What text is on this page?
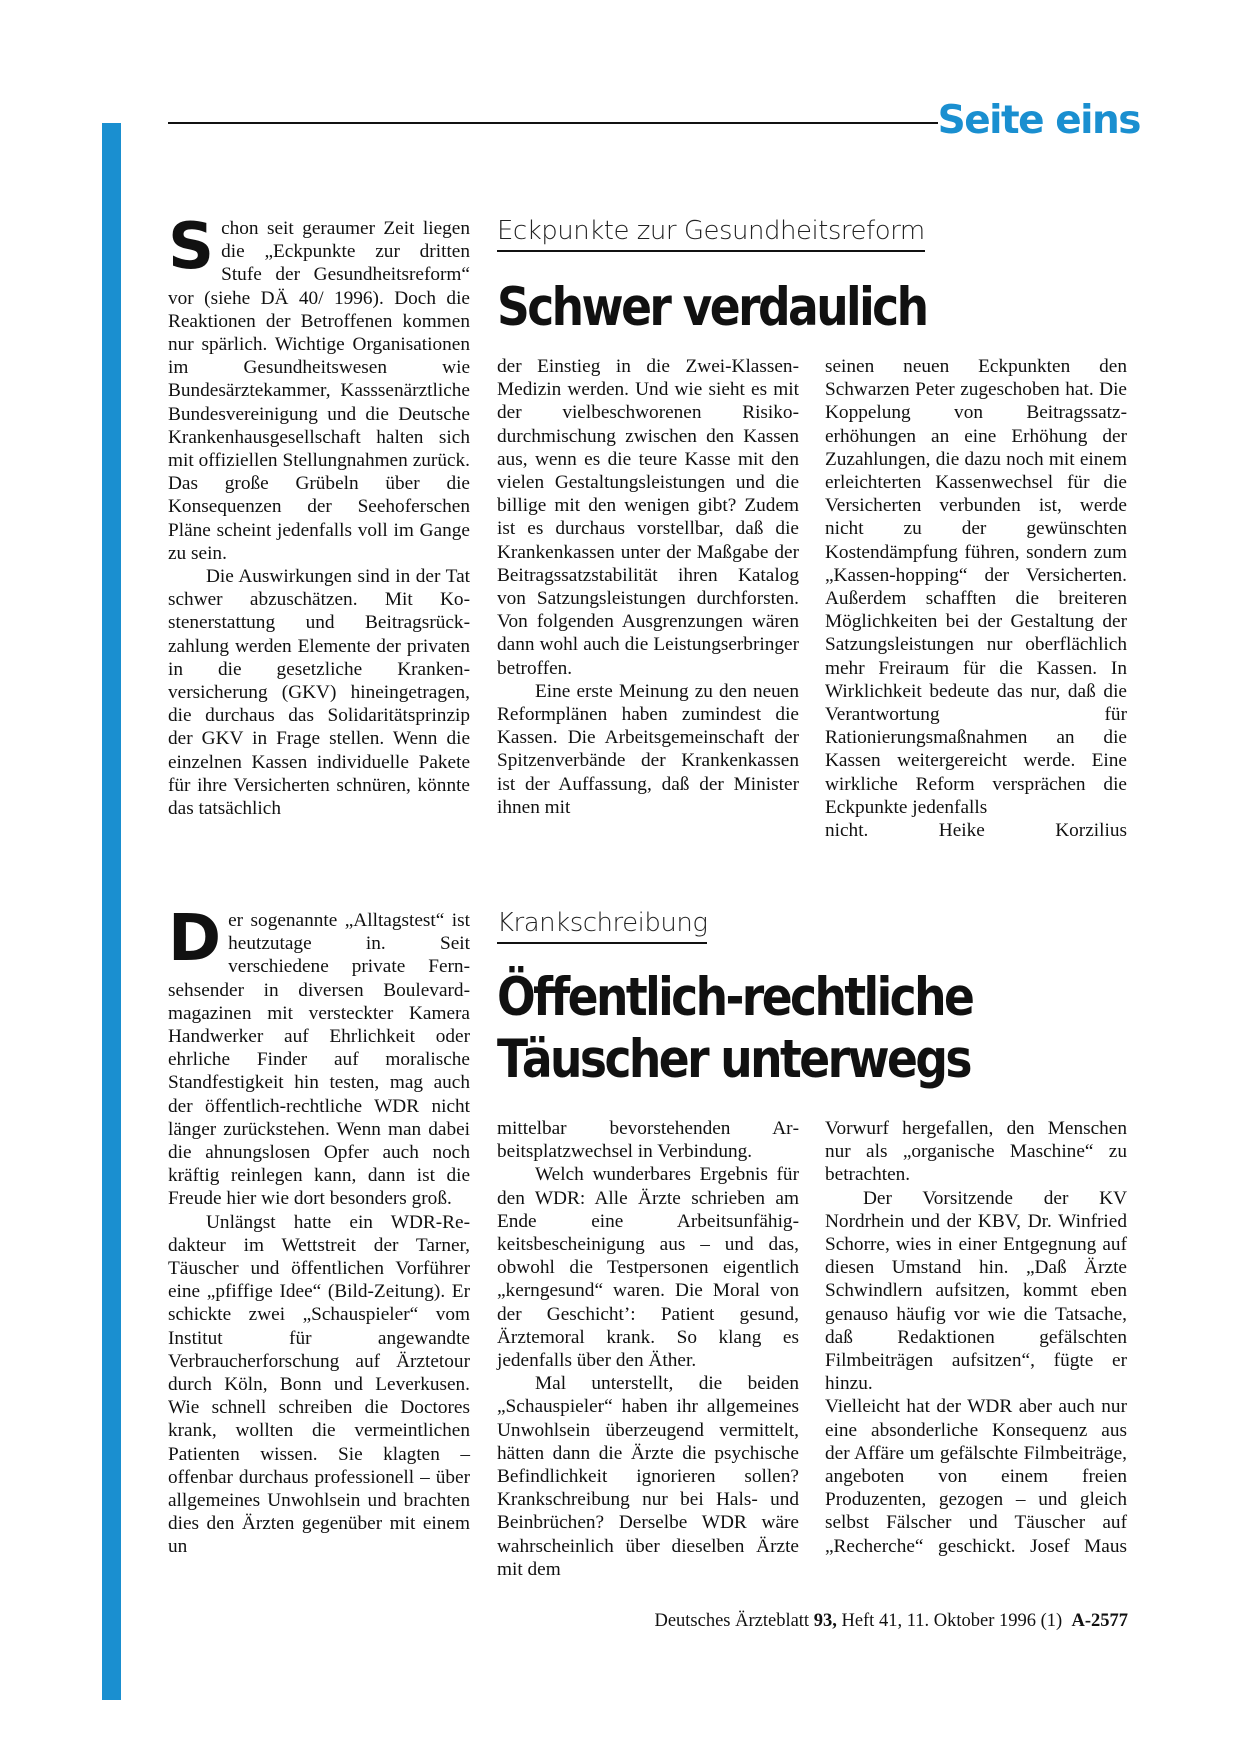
Seite eins
S chon seit geraumer Zeit liegen die „Eckpunkte zur dritten Stufe der Gesundheitsreform“ vor (siehe DÄ 40/ 1996). Doch die Reaktionen der Betroffenen kommen nur spärlich. Wichtige Organisationen im Gesundheitswesen wie Bundesärztekammer, Kasssenärztliche Bundesvereinigung und die Deutsche Krankenhausgesellschaft halten sich mit offiziellen Stellungnahmen zurück. Das große Grübeln über die Konsequenzen der Seehoferschen Pläne scheint jedenfalls voll im Gange zu sein.

Die Auswirkungen sind in der Tat schwer abzuschätzen. Mit Kostenerstattung und Beitragsrückzahlung werden Elemente der privaten in die gesetzliche Krankenversicherung (GKV) hineingetragen, die durchaus das Solidaritätsprinzip der GKV in Frage stellen. Wenn die einzelnen Kassen individuelle Pakete für ihre Versicherten schnüren, könnte das tatsächlich

Eckpunkte zur Gesundheitsreform
Schwer verdaulich

der Einstieg in die Zwei-Klassen-Medizin werden. Und wie sieht es mit der vielbeschworenen Risikodurchmischung zwischen den Kassen aus, wenn es die teure Kasse mit den vielen Gestaltungsleistungen und die billige mit den wenigen gibt? Zudem ist es durchaus vorstellbar, daß die Krankenkassen unter der Maßgabe der Beitragssatzstabilität ihren Katalog von Satzungsleistungen durchforsten. Von folgenden Ausgrenzungen wären dann wohl auch die Leistungserbringer betroffen.

Eine erste Meinung zu den neuen Reformplänen haben zumindest die Kassen. Die Arbeitsgemeinschaft der Spitzenverbände der Krankenkassen ist der Auffassung, daß der Minister ihnen mit

seinen neuen Eckpunkten den Schwarzen Peter zugeschoben hat. Die Koppelung von Beitragssatzerhöhungen an eine Erhöhung der Zuzahlungen, die dazu noch mit einem erleichterten Kassenwechsel für die Versicherten verbunden ist, werde nicht zu der gewünschten Kostendämpfung führen, sondern zum „Kassen-hopping“ der Versicherten. Außerdem schafften die breiteren Möglichkeiten bei der Gestaltung der Satzungsleistungen nur oberflächlich mehr Freiraum für die Kassen. In Wirklichkeit bedeute das nur, daß die Verantwortung für Rationierungsmaßnahmen an die Kassen weitergereicht werde. Eine wirkliche Reform versprächen die Eckpunkte jedenfalls

nicht.	Heike Korzilius

D er sogenannte „Alltagstest“ ist heutzutage in. Seit verschiedene private Fernsehsender in diversen Boulevardmagazinen mit versteckter Kamera Handwerker auf Ehrlichkeit oder ehrliche Finder auf moralische Standfestigkeit hin testen, mag auch der öffentlich-rechtliche WDR nicht länger zurückstehen. Wenn man dabei die ahnungslosen Opfer auch noch kräftig reinlegen kann, dann ist die Freude hier wie dort besonders groß.

Unlängst hatte ein WDR-Redakteur im Wettstreit der Tarner, Täuscher und öffentlichen Vorführer eine „pfiffige Idee“ (Bild-Zeitung). Er schickte zwei „Schauspieler“ vom Institut für angewandte Verbraucherforschung auf Ärztetour durch Köln, Bonn und Leverkusen. Wie schnell schreiben die Doctores krank, wollten die vermeintlichen Patienten wissen. Sie klagten – offenbar durchaus professionell – über allgemeines Unwohlsein und brachten dies den Ärzten gegenüber mit einem un

Krankschreibung
Öffentlich-rechtliche
Täuscher unterwegs

mittelbar bevorstehenden Arbeitsplatzwechsel in Verbindung.

Welch wunderbares Ergebnis für den WDR: Alle Ärzte schrieben am Ende eine Arbeitsunfähigkeitsbescheinigung aus – und das, obwohl die Testpersonen eigentlich „kerngesund“ waren. Die Moral von der Geschicht’: Patient gesund, Ärztemoral krank. So klang es jedenfalls über den Äther.

Mal unterstellt, die beiden „Schauspieler“ haben ihr allgemeines Unwohlsein überzeugend vermittelt, hätten dann die Ärzte die psychische Befindlichkeit ignorieren sollen? Krankschreibung nur bei Hals- und Beinbrüchen? Derselbe WDR wäre wahrscheinlich über dieselben Ärzte mit dem

Vorwurf hergefallen, den Menschen nur als „organische Maschine“ zu betrachten.

Der Vorsitzende der KV Nordrhein und der KBV, Dr. Winfried Schorre, wies in einer Entgegnung auf diesen Umstand hin. „Daß Ärzte Schwindlern aufsitzen, kommt eben genauso häufig vor wie die Tatsache, daß Redaktionen gefälschten Filmbeiträgen aufsitzen“, fügte er hinzu.

Vielleicht hat der WDR aber auch nur eine absonderliche Konsequenz aus der Affäre um gefälschte Filmbeiträge, angeboten von einem freien Produzenten, gezogen – und gleich selbst Fälscher und Täuscher auf „Recherche“ geschickt. Josef Maus

Deutsches Ärzteblatt 93, Heft 41, 11. Oktober 1996 (1) A-2577
